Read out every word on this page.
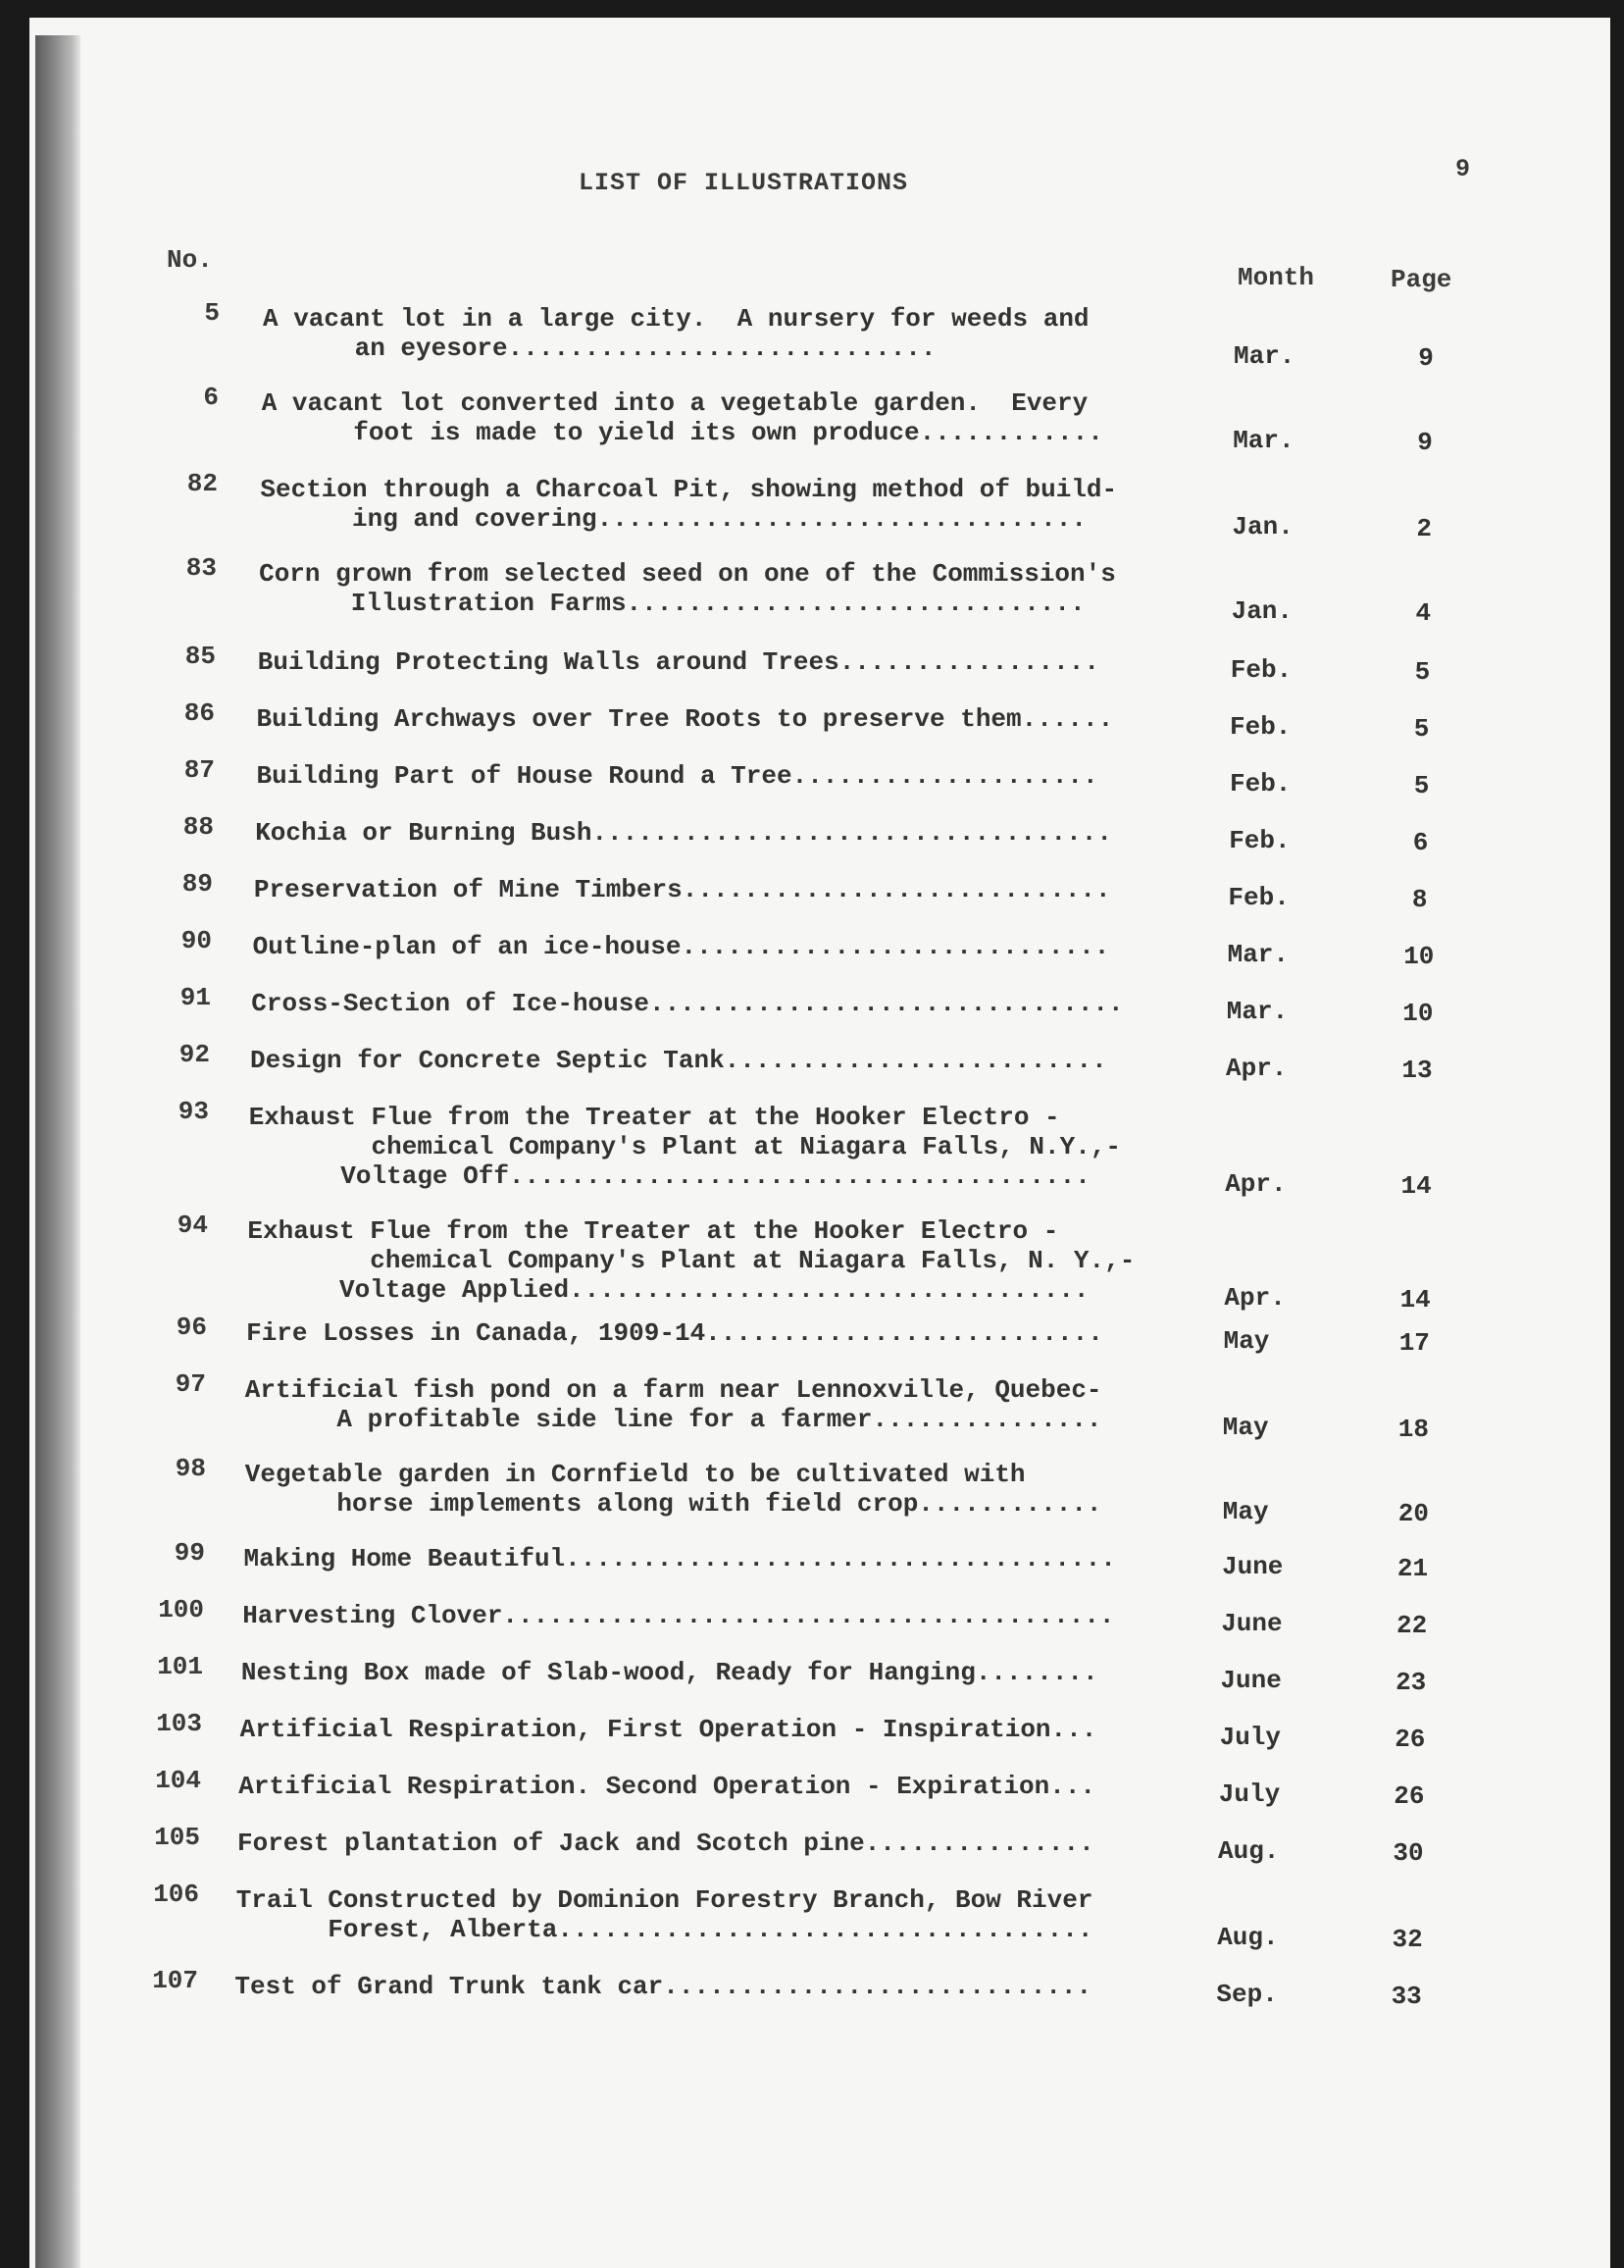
LIST OF ILLUSTRATIONS	9
No.
Month	Page
5 A vacant lot in a large city.  A nursery for weeds and
an eyesore............................	Mar.	9
6 A vacant lot converted into a vegetable garden.  Every
foot is made to yield its own produce............	Mar.	9
82 Section through a Charcoal Pit, showing method of build-
ing and covering................................	Jan.	2
83 Corn grown from selected seed on one of the Commission's
Illustration Farms..............................	Jan.	4
85 Building Protecting Walls around Trees.................	Feb.	5
86 Building Archways over Tree Roots to preserve them......	Feb.	5
87 Building Part of House Round a Tree....................	Feb.	5
88 Kochia or Burning Bush..................................	Feb.	6
89 Preservation of Mine Timbers............................	Feb.	8
90 Outline-plan of an ice-house............................	Mar.	10
91 Cross-Section of Ice-house...............................	Mar.	10
92 Design for Concrete Septic Tank.........................	Apr.	13
93 Exhaust Flue from the Treater at the Hooker Electro -
chemical Company's Plant at Niagara Falls, N.Y.,-
Voltage Off......................................	Apr.	14
94 Exhaust Flue from the Treater at the Hooker Electro -
chemical Company's Plant at Niagara Falls, N. Y.,-
Voltage Applied..................................	Apr.	14
96 Fire Losses in Canada, 1909-14..........................	May	17
97 Artificial fish pond on a farm near Lennoxville, Quebec-
A profitable side line for a farmer...............	May	18
98 Vegetable garden in Cornfield to be cultivated with
horse implements along with field crop............	May	20
99 Making Home Beautiful....................................	June	21
100 Harvesting Clover........................................	June	22
101 Nesting Box made of Slab-wood, Ready for Hanging........	June	23
103 Artificial Respiration, First Operation - Inspiration...	July	26
104 Artificial Respiration. Second Operation - Expiration...	July	26
105 Forest plantation of Jack and Scotch pine...............	Aug.	30
106 Trail Constructed by Dominion Forestry Branch, Bow River
Forest, Alberta...................................	Aug.	32
107 Test of Grand Trunk tank car............................	Sep.	33
